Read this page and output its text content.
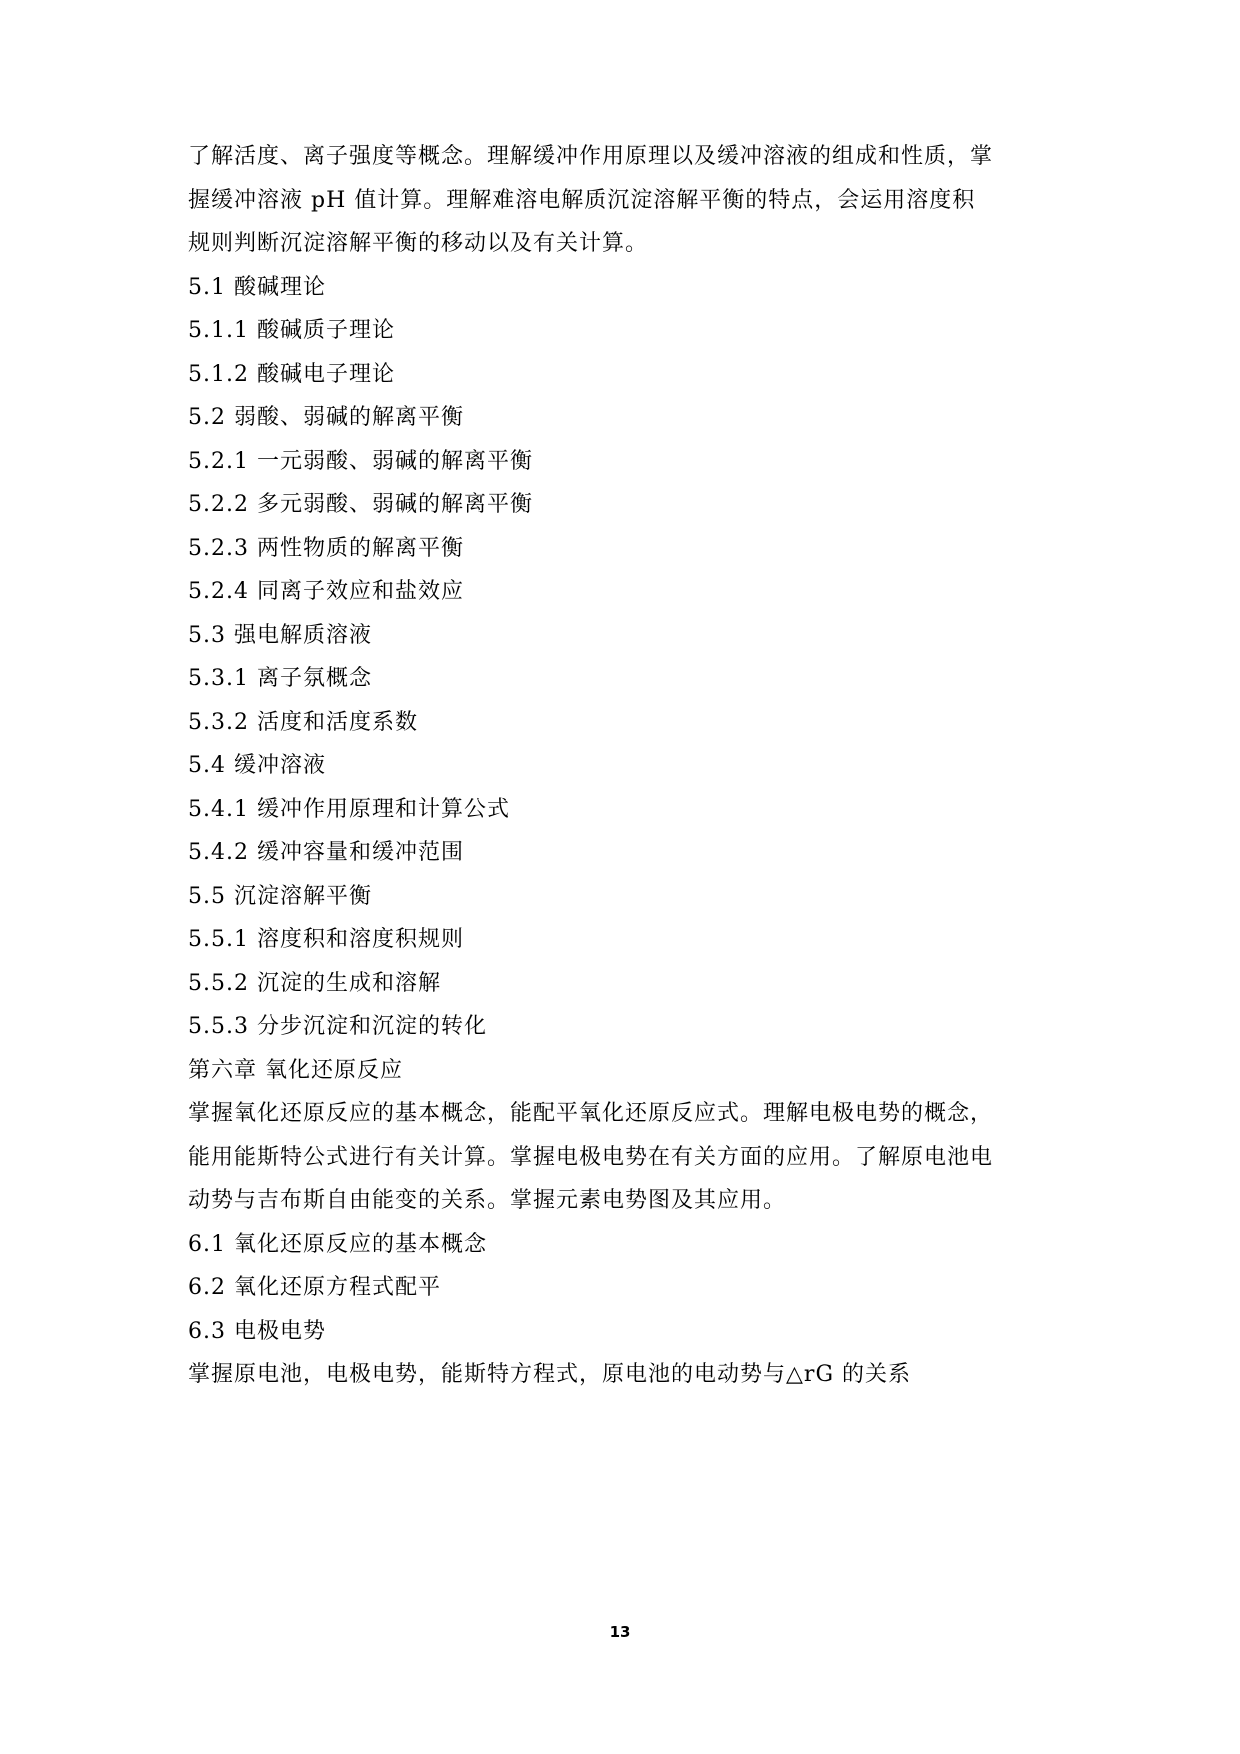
了解活度、离子强度等概念。理解缓冲作用原理以及缓冲溶液的组成和性质，掌
握缓冲溶液 pH 值计算。理解难溶电解质沉淀溶解平衡的特点，会运用溶度积
规则判断沉淀溶解平衡的移动以及有关计算。
5.1 酸碱理论
5.1.1 酸碱质子理论
5.1.2 酸碱电子理论
5.2 弱酸、弱碱的解离平衡
5.2.1 一元弱酸、弱碱的解离平衡
5.2.2 多元弱酸、弱碱的解离平衡
5.2.3 两性物质的解离平衡
5.2.4 同离子效应和盐效应
5.3 强电解质溶液
5.3.1 离子氛概念
5.3.2 活度和活度系数
5.4 缓冲溶液
5.4.1 缓冲作用原理和计算公式
5.4.2 缓冲容量和缓冲范围
5.5 沉淀溶解平衡
5.5.1 溶度积和溶度积规则
5.5.2 沉淀的生成和溶解
5.5.3 分步沉淀和沉淀的转化
第六章 氧化还原反应
掌握氧化还原反应的基本概念，能配平氧化还原反应式。理解电极电势的概念，
能用能斯特公式进行有关计算。掌握电极电势在有关方面的应用。了解原电池电
动势与吉布斯自由能变的关系。掌握元素电势图及其应用。
6.1 氧化还原反应的基本概念
6.2 氧化还原方程式配平
6.3 电极电势
掌握原电池，电极电势，能斯特方程式，原电池的电动势与△rG 的关系
13
